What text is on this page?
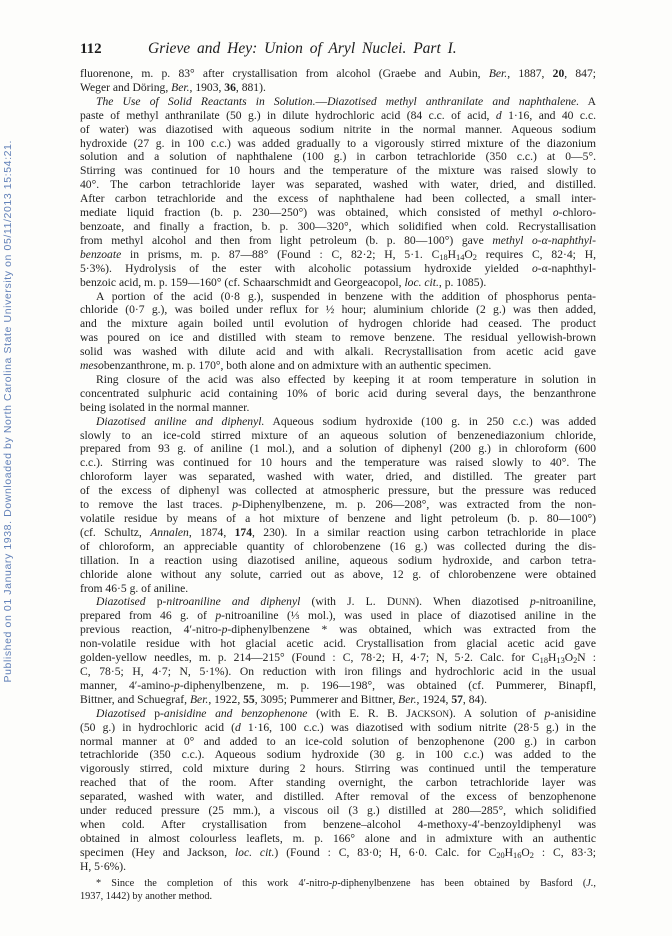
112	Grieve and Hey: Union of Aryl Nuclei. Part I.
Published on 01 January 1938. Downloaded by North Carolina State University on 05/11/2013 15:54:21.
fluorenone, m. p. 83° after crystallisation from alcohol (Graebe and Aubin, Ber., 1887, 20, 847;
Weger and Döring, Ber., 1903, 36, 881).
The Use of Solid Reactants in Solution.—Diazotised methyl anthranilate and naphthalene. A
paste of methyl anthranilate (50 g.) in dilute hydrochloric acid (84 c.c. of acid, d 1·16, and 40 c.c.
of water) was diazotised with aqueous sodium nitrite in the normal manner. Aqueous sodium
hydroxide (27 g. in 100 c.c.) was added gradually to a vigorously stirred mixture of the diazonium
solution and a solution of naphthalene (100 g.) in carbon tetrachloride (350 c.c.) at 0—5°.
Stirring was continued for 10 hours and the temperature of the mixture was raised slowly to
40°. The carbon tetrachloride layer was separated, washed with water, dried, and distilled.
After carbon tetrachloride and the excess of naphthalene had been collected, a small inter-
mediate liquid fraction (b. p. 230—250°) was obtained, which consisted of methyl o-chloro-
benzoate, and finally a fraction, b. p. 300—320°, which solidified when cold. Recrystallisation
from methyl alcohol and then from light petroleum (b. p. 80—100°) gave methyl o-α-naphthyl-
benzoate in prisms, m. p. 87—88° (Found : C, 82·2; H, 5·1. $C_{18}H_{14}O_2$ requires C, 82·4; H,
5·3%). Hydrolysis of the ester with alcoholic potassium hydroxide yielded o-α-naphthyl-
benzoic acid, m. p. 159—160° (cf. Schaarschmidt and Georgeacopol, loc. cit., p. 1085).
A portion of the acid (0·8 g.), suspended in benzene with the addition of phosphorus penta-
chloride (0·7 g.), was boiled under reflux for ½ hour; aluminium chloride (2 g.) was then added,
and the mixture again boiled until evolution of hydrogen chloride had ceased. The product
was poured on ice and distilled with steam to remove benzene. The residual yellowish-brown
solid was washed with dilute acid and with alkali. Recrystallisation from acetic acid gave
mesobenzanthrone, m. p. 170°, both alone and on admixture with an authentic specimen.
Ring closure of the acid was also effected by keeping it at room temperature in solution in
concentrated sulphuric acid containing 10% of boric acid during several days, the benzanthrone
being isolated in the normal manner.
Diazotised aniline and diphenyl. Aqueous sodium hydroxide (100 g. in 250 c.c.) was added
slowly to an ice-cold stirred mixture of an aqueous solution of benzenediazonium chloride,
prepared from 93 g. of aniline (1 mol.), and a solution of diphenyl (200 g.) in chloroform (600
c.c.). Stirring was continued for 10 hours and the temperature was raised slowly to 40°. The
chloroform layer was separated, washed with water, dried, and distilled. The greater part
of the excess of diphenyl was collected at atmospheric pressure, but the pressure was reduced
to remove the last traces. p-Diphenylbenzene, m. p. 206—208°, was extracted from the non-
volatile residue by means of a hot mixture of benzene and light petroleum (b. p. 80—100°)
(cf. Schultz, Annalen, 1874, 174, 230). In a similar reaction using carbon tetrachloride in place
of chloroform, an appreciable quantity of chlorobenzene (16 g.) was collected during the dis-
tillation. In a reaction using diazotised aniline, aqueous sodium hydroxide, and carbon tetra-
chloride alone without any solute, carried out as above, 12 g. of chlorobenzene were obtained
from 46·5 g. of aniline.
Diazotised p-nitroaniline and diphenyl (with J. L. DUNN). When diazotised p-nitroaniline,
prepared from 46 g. of p-nitroaniline (⅓ mol.), was used in place of diazotised aniline in the
previous reaction, 4′-nitro-p-diphenylbenzene * was obtained, which was extracted from the
non-volatile residue with hot glacial acetic acid. Crystallisation from glacial acetic acid gave
golden-yellow needles, m. p. 214—215° (Found : C, 78·2; H, 4·7; N, 5·2. Calc. for $C_{18}H_{13}O_2N$ :
C, 78·5; H, 4·7; N, 5·1%). On reduction with iron filings and hydrochloric acid in the usual
manner, 4′-amino-p-diphenylbenzene, m. p. 196—198°, was obtained (cf. Pummerer, Binapfl,
Bittner, and Schuegraf, Ber., 1922, 55, 3095; Pummerer and Bittner, Ber., 1924, 57, 84).
Diazotised p-anisidine and benzophenone (with E. R. B. JACKSON). A solution of p-anisidine
(50 g.) in hydrochloric acid (d 1·16, 100 c.c.) was diazotised with sodium nitrite (28·5 g.) in the
normal manner at 0° and added to an ice-cold solution of benzophenone (200 g.) in carbon
tetrachloride (350 c.c.). Aqueous sodium hydroxide (30 g. in 100 c.c.) was added to the
vigorously stirred, cold mixture during 2 hours. Stirring was continued until the temperature
reached that of the room. After standing overnight, the carbon tetrachloride layer was
separated, washed with water, and distilled. After removal of the excess of benzophenone
under reduced pressure (25 mm.), a viscous oil (3 g.) distilled at 280—285°, which solidified
when cold. After crystallisation from benzene–alcohol 4-methoxy-4′-benzoyldiphenyl was
obtained in almost colourless leaflets, m. p. 166° alone and in admixture with an authentic
specimen (Hey and Jackson, loc. cit.) (Found : C, 83·0; H, 6·0. Calc. for $C_{20}H_{16}O_2$ : C, 83·3;
H, 5·6%).
* Since the completion of this work 4′-nitro-p-diphenylbenzene has been obtained by Basford (J.,
1937, 1442) by another method.
